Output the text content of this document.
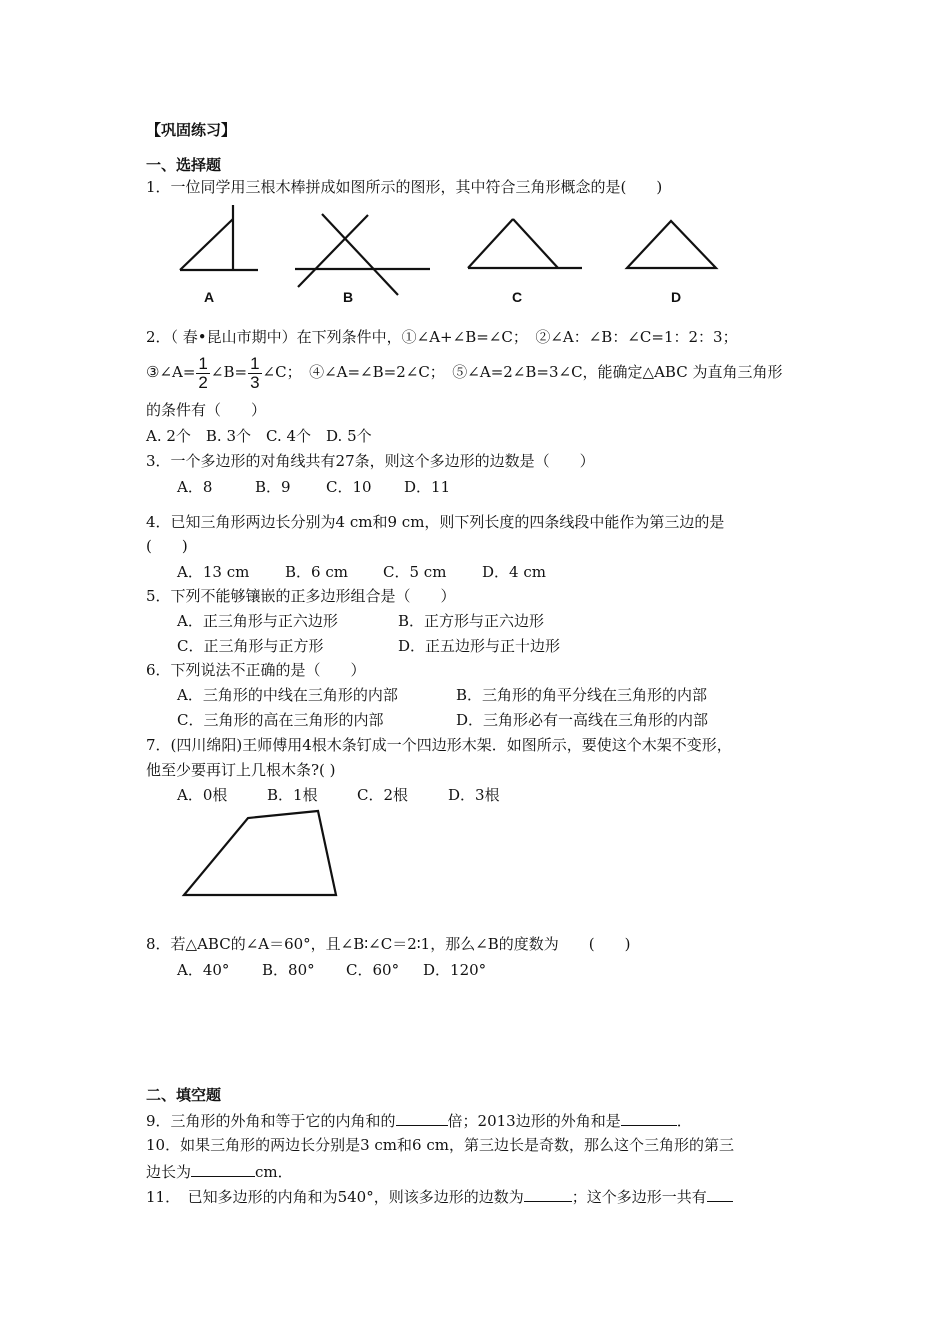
【巩固练习】
一、选择题
1．一位同学用三根木棒拼成如图所示的图形，其中符合三角形概念的是(　　)
A	B	C	D
2．（ 春•昆山市期中）在下列条件中，①∠A+∠B=∠C；　②∠A：∠B：∠C=1：2：3；
③∠A= $\frac{1}{2}$ ∠B= $\frac{1}{3}$ ∠C；　④∠A=∠B=2∠C；　⑤∠A=2∠B=3∠C，能确定△ABC 为直角三角形
的条件有（　　）
A. 2个　B. 3个　C. 4个　D. 5个
3．一个多边形的对角线共有27条，则这个多边形的边数是（　　）
A．8	B．9 C．10 D．11
4．已知三角形两边长分别为4 cm和9 cm，则下列长度的四条线段中能作为第三边的是
(　　)
A．13 cm B．6 cm C．5 cm D．4 cm
5．下列不能够镶嵌的正多边形组合是（　　）
A．正三角形与正六边形	B．正方形与正六边形
C．正三角形与正方形	D．正五边形与正十边形
6．下列说法不正确的是（　　）
A．三角形的中线在三角形的内部	B．三角形的角平分线在三角形的内部
C．三角形的高在三角形的内部	D．三角形必有一高线在三角形的内部
7．(四川绵阳)王师傅用4根木条钉成一个四边形木架．如图所示，要使这个木架不变形，
他至少要再订上几根木条?( )
A．0根	B．1根	C．2根	D．3根
8．若△ABC的∠A＝60°，且∠B∶∠C＝2∶1，那么∠B的度数为　　(　　)
A．40° B．80° C．60° D．120°
二、填空题
9．三角形的外角和等于它的内角和的	倍；2013边形的外角和是	．
10．如果三角形的两边长分别是3 cm和6 cm，第三边长是奇数，那么这个三角形的第三
边长为	cm．
11．　已知多边形的内角和为540°，则该多边形的边数为	；这个多边形一共有
